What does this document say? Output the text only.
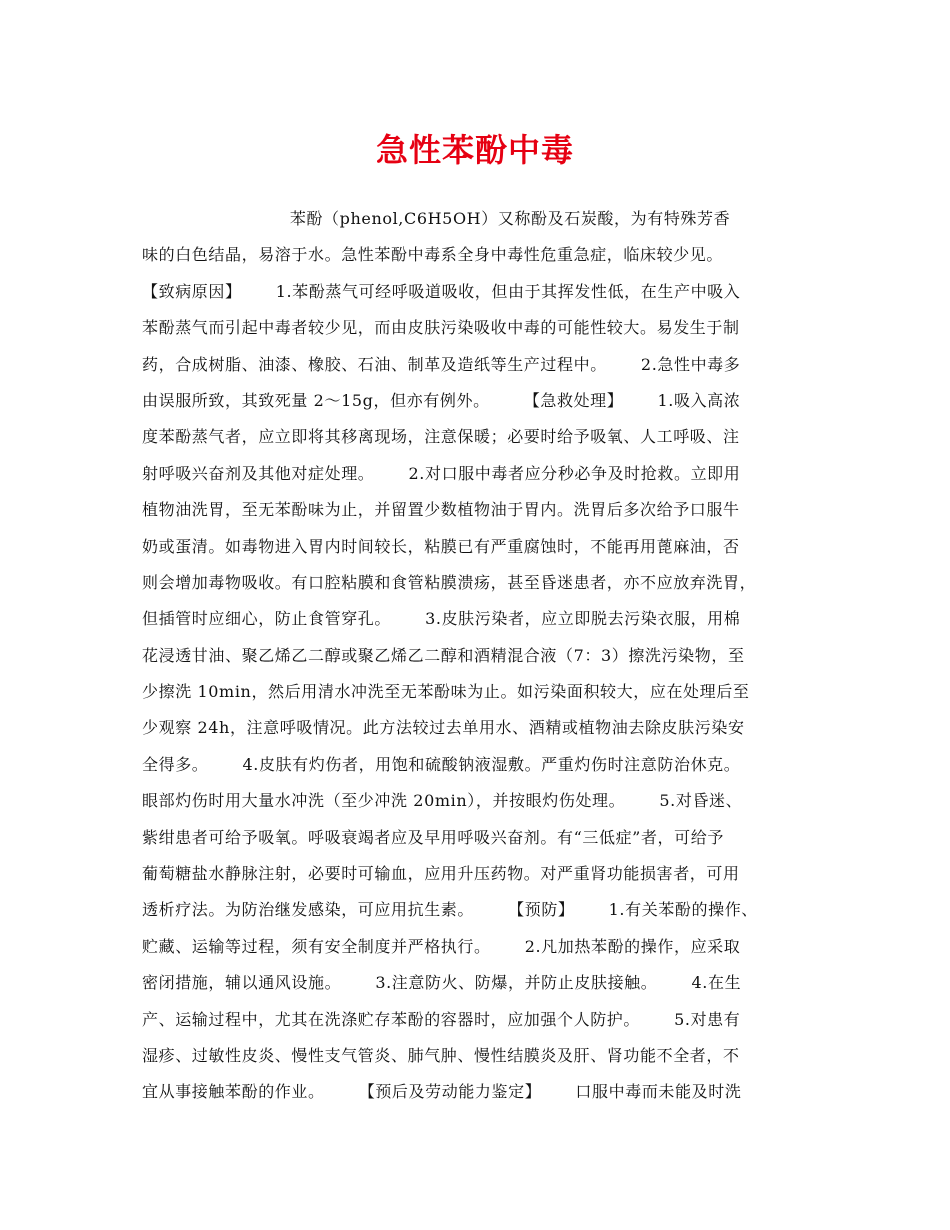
急性苯酚中毒
苯酚（phenol,C6H5OH）又称酚及石炭酸，为有特殊芳香
味的白色结晶，易溶于水。急性苯酚中毒系全身中毒性危重急症，临床较少见。
【致病原因】      1.苯酚蒸气可经呼吸道吸收，但由于其挥发性低，在生产中吸入
苯酚蒸气而引起中毒者较少见，而由皮肤污染吸收中毒的可能性较大。易发生于制
药，合成树脂、油漆、橡胶、石油、制革及造纸等生产过程中。      2.急性中毒多
由误服所致，其致死量 2～15g，但亦有例外。      【急救处理】      1.吸入高浓
度苯酚蒸气者，应立即将其移离现场，注意保暖；必要时给予吸氧、人工呼吸、注
射呼吸兴奋剂及其他对症处理。      2.对口服中毒者应分秒必争及时抢救。立即用
植物油洗胃，至无苯酚味为止，并留置少数植物油于胃内。洗胃后多次给予口服牛
奶或蛋清。如毒物进入胃内时间较长，粘膜已有严重腐蚀时，不能再用蓖麻油，否
则会增加毒物吸收。有口腔粘膜和食管粘膜溃疡，甚至昏迷患者，亦不应放弃洗胃，
但插管时应细心，防止食管穿孔。      3.皮肤污染者，应立即脱去污染衣服，用棉
花浸透甘油、聚乙烯乙二醇或聚乙烯乙二醇和酒精混合液（7：3）擦洗污染物，至
少擦洗 10min，然后用清水冲洗至无苯酚味为止。如污染面积较大，应在处理后至
少观察 24h，注意呼吸情况。此方法较过去单用水、酒精或植物油去除皮肤污染安
全得多。      4.皮肤有灼伤者，用饱和硫酸钠液湿敷。严重灼伤时注意防治休克。
眼部灼伤时用大量水冲洗（至少冲洗 20min），并按眼灼伤处理。      5.对昏迷、
紫绀患者可给予吸氧。呼吸衰竭者应及早用呼吸兴奋剂。有“三低症”者，可给予
葡萄糖盐水静脉注射，必要时可输血，应用升压药物。对严重肾功能损害者，可用
透析疗法。为防治继发感染，可应用抗生素。      【预防】      1.有关苯酚的操作、
贮藏、运输等过程，须有安全制度并严格执行。      2.凡加热苯酚的操作，应采取
密闭措施，辅以通风设施。      3.注意防火、防爆，并防止皮肤接触。      4.在生
产、运输过程中，尤其在洗涤贮存苯酚的容器时，应加强个人防护。      5.对患有
湿疹、过敏性皮炎、慢性支气管炎、肺气肿、慢性结膜炎及肝、肾功能不全者，不
宜从事接触苯酚的作业。      【预后及劳动能力鉴定】      口服中毒而未能及时洗
